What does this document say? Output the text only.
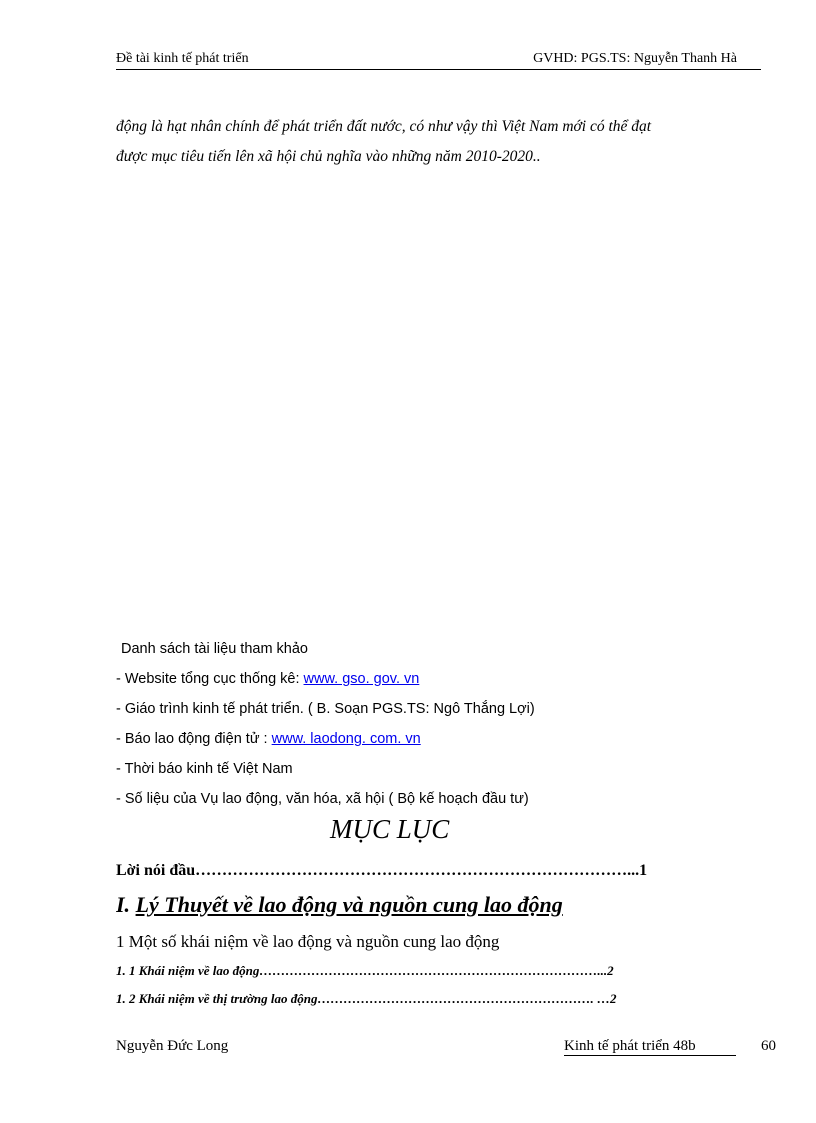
Đề tài kinh tế phát triển	GVHD: PGS.TS: Nguyễn Thanh Hà

động là hạt nhân chính để phát triển đất nước, có như vậy thì Việt Nam mới có thể đạt

được mục tiêu tiến lên xã hội chủ nghĩa vào những năm 2010-2020..

Danh sách tài liệu tham khảo
- Website tổng cục thống kê: www. gso. gov. vn
- Giáo trình kinh tế phát triển. ( B. Soạn PGS.TS: Ngô Thắng Lợi)
- Báo lao động điện tử : www. laodong. com. vn
- Thời báo kinh tế Việt Nam
- Số liệu của Vụ lao động, văn hóa, xã hội ( Bộ kế hoạch đầu tư)
MỤC LỤC
Lời nói đầu………………………………………………………………………...1
I. Lý Thuyết về lao động và nguồn cung lao động
1 Một số khái niệm về lao động và nguồn cung lao động
1. 1 Khái niệm về lao động……………………………………………………………………...2
1. 2 Khái niệm về thị trường lao động………………………………………………………. …2
Nguyễn Đức Long	Kinh tế phát triển 48b	60
